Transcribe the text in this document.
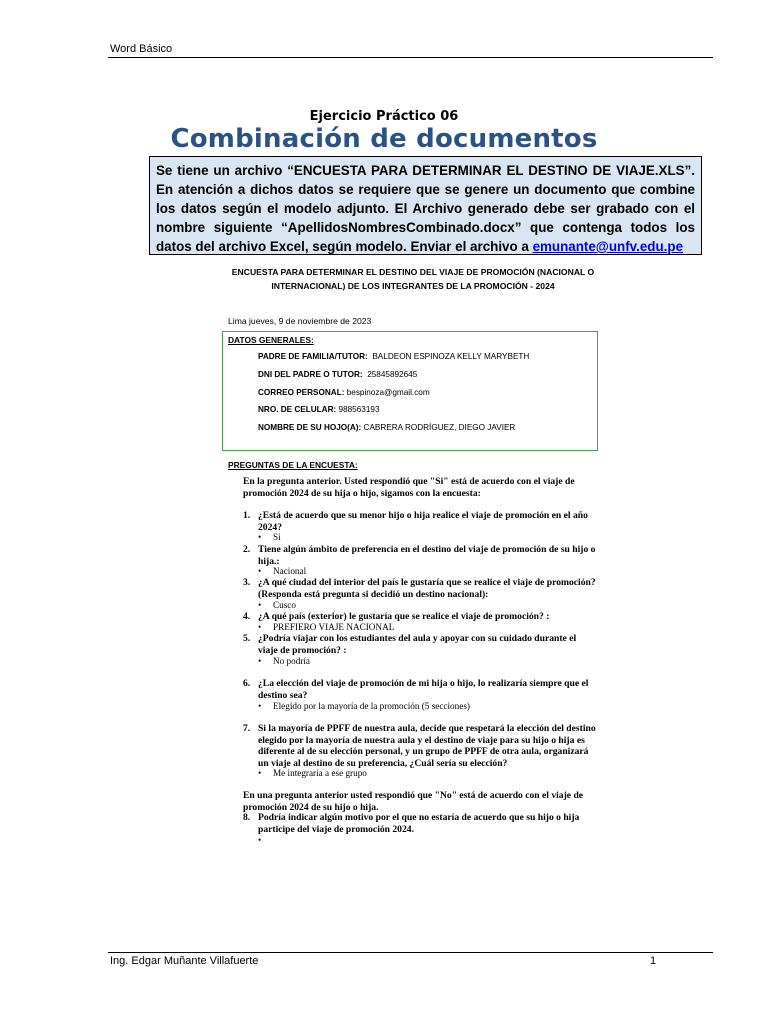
Word Básico
Ejercicio Práctico 06
Combinación de documentos
Se tiene un archivo “ENCUESTA PARA DETERMINAR EL DESTINO DE VIAJE.XLS”. En atención a dichos datos se requiere que se genere un documento que combine los datos según el modelo adjunto. El Archivo generado debe ser grabado con el nombre siguiente “ApellidosNombresCombinado.docx” que contenga todos los datos del archivo Excel, según modelo. Enviar el archivo a emunante@unfv.edu.pe
ENCUESTA PARA DETERMINAR EL DESTINO DEL VIAJE DE PROMOCIÓN (NACIONAL O
INTERNACIONAL) DE LOS INTEGRANTES DE LA PROMOCIÓN - 2024
Lima jueves, 9 de noviembre de 2023
DATOS GENERALES:
PADRE DE FAMILIA/TUTOR: BALDEON ESPINOZA KELLY MARYBETH
DNI DEL PADRE O TUTOR: 25845892645
CORREO PERSONAL: bespinoza@gmail.com
NRO. DE CELULAR: 988563193
NOMBRE DE SU HOJO(A): CABRERA RODRÍGUEZ, DIEGO JAVIER
PREGUNTAS DE LA ENCUESTA:
En la pregunta anterior. Usted respondió que "Si" está de acuerdo con el viaje de promoción 2024 de su hija o hijo, sigamos con la encuesta:
1. ¿Está de acuerdo que su menor hijo o hija realice el viaje de promoción en el año 2024?
• Si
2. Tiene algún ámbito de preferencia en el destino del viaje de promoción de su hijo o hija.:
• Nacional
3. ¿A qué ciudad del interior del país le gustaría que se realice el viaje de promoción? (Responda está pregunta si decidió un destino nacional):
• Cusco
4. ¿A qué país (exterior) le gustaría que se realice el viaje de promoción? :
• PREFIERO VIAJE NACIONAL
5. ¿Podría viajar con los estudiantes del aula y apoyar con su cuidado durante el viaje de promoción? :
• No podría
6. ¿La elección del viaje de promoción de mi hija o hijo, lo realizaría siempre que el destino sea?
• Elegido por la mayoría de la promoción (5 secciones)
7. Si la mayoría de PPFF de nuestra aula, decide que respetará la elección del destino elegido por la mayoría de nuestra aula y el destino de viaje para su hijo o hija es diferente al de su elección personal, y un grupo de PPFF de otra aula, organizará un viaje al destino de su preferencia, ¿Cuál sería su elección?
• Me integraría a ese grupo
En una pregunta anterior usted respondió que "No" está de acuerdo con el viaje de promoción 2024 de su hijo o hija.
8. Podría indicar algún motivo por el que no estaría de acuerdo que su hijo o hija participe del viaje de promoción 2024.
•
Ing. Edgar Muñante Villafuerte	1
